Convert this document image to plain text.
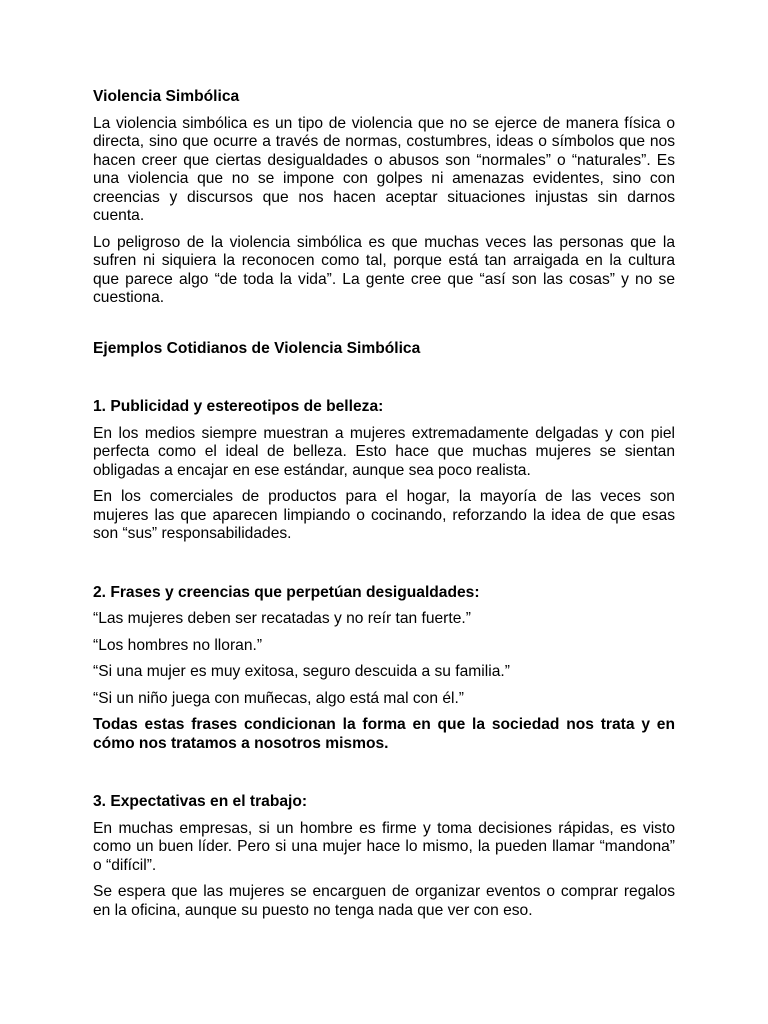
Violencia Simbólica

La violencia simbólica es un tipo de violencia que no se ejerce de manera física o directa, sino que ocurre a través de normas, costumbres, ideas o símbolos que nos hacen creer que ciertas desigualdades o abusos son “normales” o “naturales”. Es una violencia que no se impone con golpes ni amenazas evidentes, sino con creencias y discursos que nos hacen aceptar situaciones injustas sin darnos cuenta.

Lo peligroso de la violencia simbólica es que muchas veces las personas que la sufren ni siquiera la reconocen como tal, porque está tan arraigada en la cultura que parece algo “de toda la vida”. La gente cree que “así son las cosas” y no se cuestiona.

Ejemplos Cotidianos de Violencia Simbólica
1. Publicidad y estereotipos de belleza:

En los medios siempre muestran a mujeres extremadamente delgadas y con piel perfecta como el ideal de belleza. Esto hace que muchas mujeres se sientan obligadas a encajar en ese estándar, aunque sea poco realista.

En los comerciales de productos para el hogar, la mayoría de las veces son mujeres las que aparecen limpiando o cocinando, reforzando la idea de que esas son “sus” responsabilidades.

2. Frases y creencias que perpetúan desigualdades:

“Las mujeres deben ser recatadas y no reír tan fuerte.”

“Los hombres no lloran.”

“Si una mujer es muy exitosa, seguro descuida a su familia.”

“Si un niño juega con muñecas, algo está mal con él.”

Todas estas frases condicionan la forma en que la sociedad nos trata y en cómo nos tratamos a nosotros mismos.

3. Expectativas en el trabajo:

En muchas empresas, si un hombre es firme y toma decisiones rápidas, es visto como un buen líder. Pero si una mujer hace lo mismo, la pueden llamar “mandona” o “difícil”.

Se espera que las mujeres se encarguen de organizar eventos o comprar regalos en la oficina, aunque su puesto no tenga nada que ver con eso.
